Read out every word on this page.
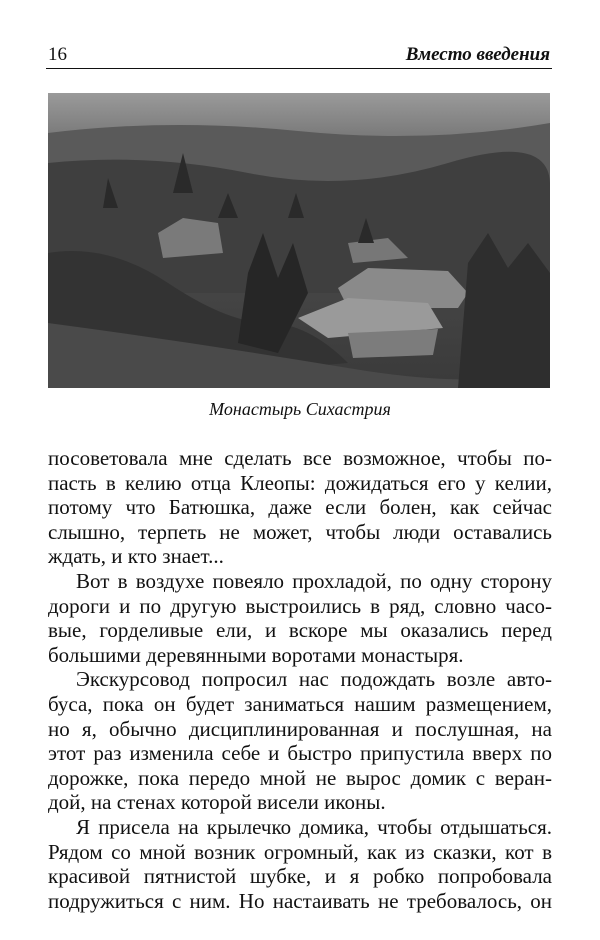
16	Вместо введения
Монастырь Сихастрия
посоветовала мне сделать все возможное, чтобы по-
пасть в келию отца Клеопы: дожидаться его у келии,
потому что Батюшка, даже если болен, как сейчас
слышно, терпеть не может, чтобы люди оставались
ждать, и кто знает...
Вот в воздухе повеяло прохладой, по одну сторону
дороги и по другую выстроились в ряд, словно часо-
вые, горделивые ели, и вскоре мы оказались перед
большими деревянными воротами монастыря.
Экскурсовод попросил нас подождать возле авто-
буса, пока он будет заниматься нашим размещением,
но я, обычно дисциплинированная и послушная, на
этот раз изменила себе и быстро припустила вверх по
дорожке, пока передо мной не вырос домик с веран-
дой, на стенах которой висели иконы.
Я присела на крылечко домика, чтобы отдышаться.
Рядом со мной возник огромный, как из сказки, кот в
красивой пятнистой шубке, и я робко попробовала
подружиться с ним. Но настаивать не требовалось, он
